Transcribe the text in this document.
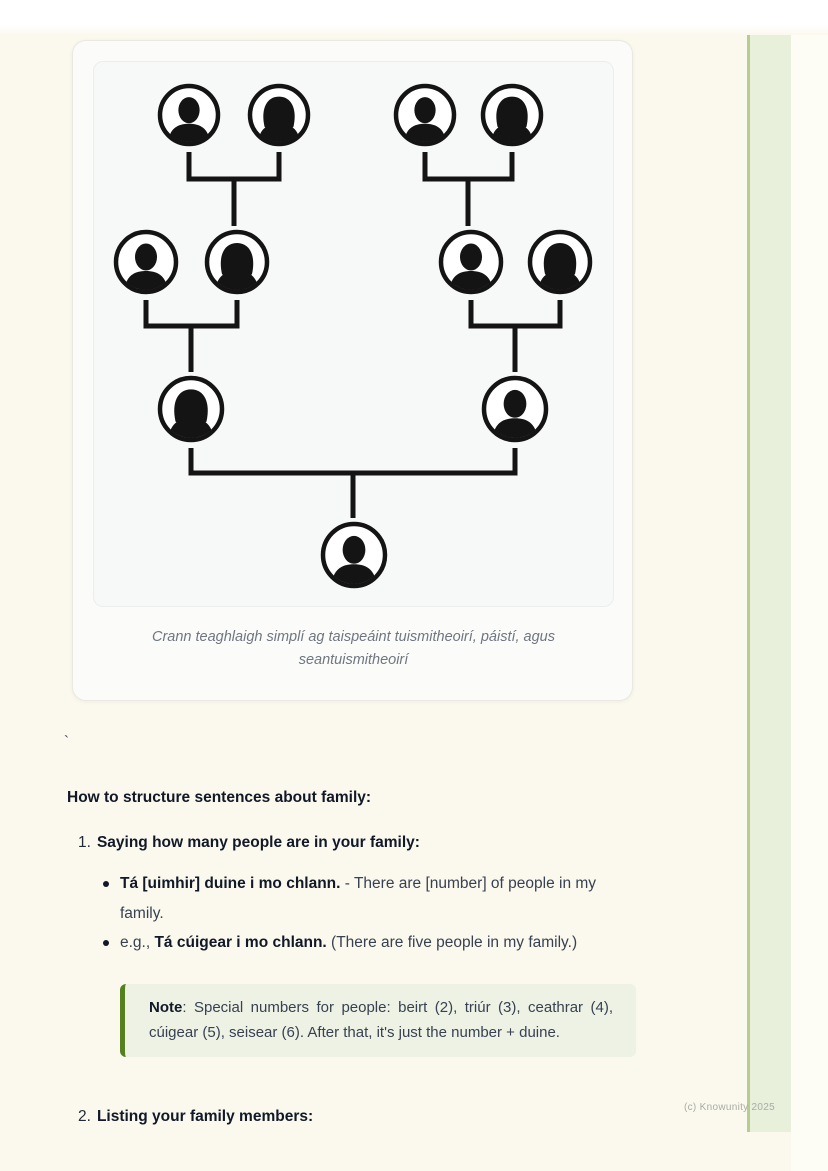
Crann teaghlaigh simplí ag taispeáint tuismitheoirí, páistí, agus seantuismitheoirí
`
How to structure sentences about family:
1. Saying how many people are in your family:
Tá [uimhir] duine i mo chlann. - There are [number] of people in my family.
e.g., Tá cúigear i mo chlann. (There are five people in my family.)
Note: Special numbers for people: beirt (2), triúr (3), ceathrar (4), cúigear (5), seisear (6). After that, it's just the number + duine.
2. Listing your family members:
(c) Knowunity 2025
